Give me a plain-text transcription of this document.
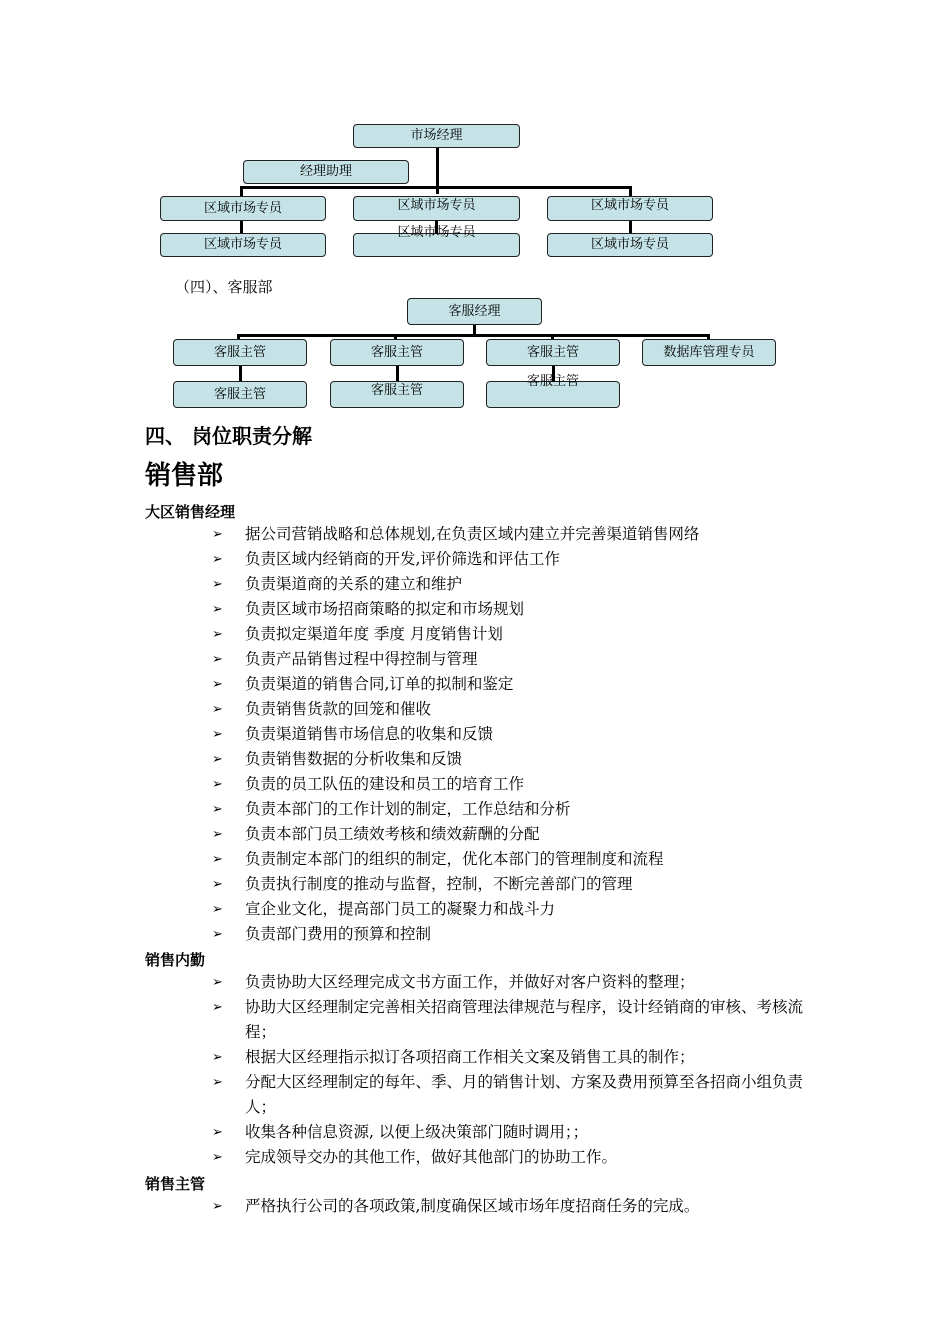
市场经理
经理助理
区域市场专员
区域市场专员
区域市场专员
区域市场专员
区域市场专员
区域市场专员
（四）、客服部
客服经理
客服主管	客服主管	客服主管	数据库管理专员
客服主管	客服主管
客服主管
四、 岗位职责分解
销售部
大区销售经理
➢ 据公司营销战略和总体规划,在负责区域内建立并完善渠道销售网络
➢ 负责区域内经销商的开发,评价筛选和评估工作
➢ 负责渠道商的关系的建立和维护
➢ 负责区域市场招商策略的拟定和市场规划
➢ 负责拟定渠道年度 季度 月度销售计划
➢ 负责产品销售过程中得控制与管理
➢ 负责渠道的销售合同,订单的拟制和鉴定
➢ 负责销售货款的回笼和催收
➢ 负责渠道销售市场信息的收集和反馈
➢ 负责销售数据的分析收集和反馈
➢ 负责的员工队伍的建设和员工的培育工作
➢ 负责本部门的工作计划的制定，工作总结和分析
➢ 负责本部门员工绩效考核和绩效薪酬的分配
➢ 负责制定本部门的组织的制定，优化本部门的管理制度和流程
➢ 负责执行制度的推动与监督，控制，不断完善部门的管理
➢ 宣企业文化，提高部门员工的凝聚力和战斗力
➢ 负责部门费用的预算和控制
销售内勤
➢ 负责协助大区经理完成文书方面工作，并做好对客户资料的整理；
➢ 协助大区经理制定完善相关招商管理法律规范与程序，设计经销商的审核、考核流程；
➢ 根据大区经理指示拟订各项招商工作相关文案及销售工具的制作；
➢ 分配大区经理制定的每年、季、月的销售计划、方案及费用预算至各招商小组负责人；
➢ 收集各种信息资源, 以便上级决策部门随时调用；；
➢ 完成领导交办的其他工作，做好其他部门的协助工作。
销售主管
➢ 严格执行公司的各项政策,制度确保区域市场年度招商任务的完成。
